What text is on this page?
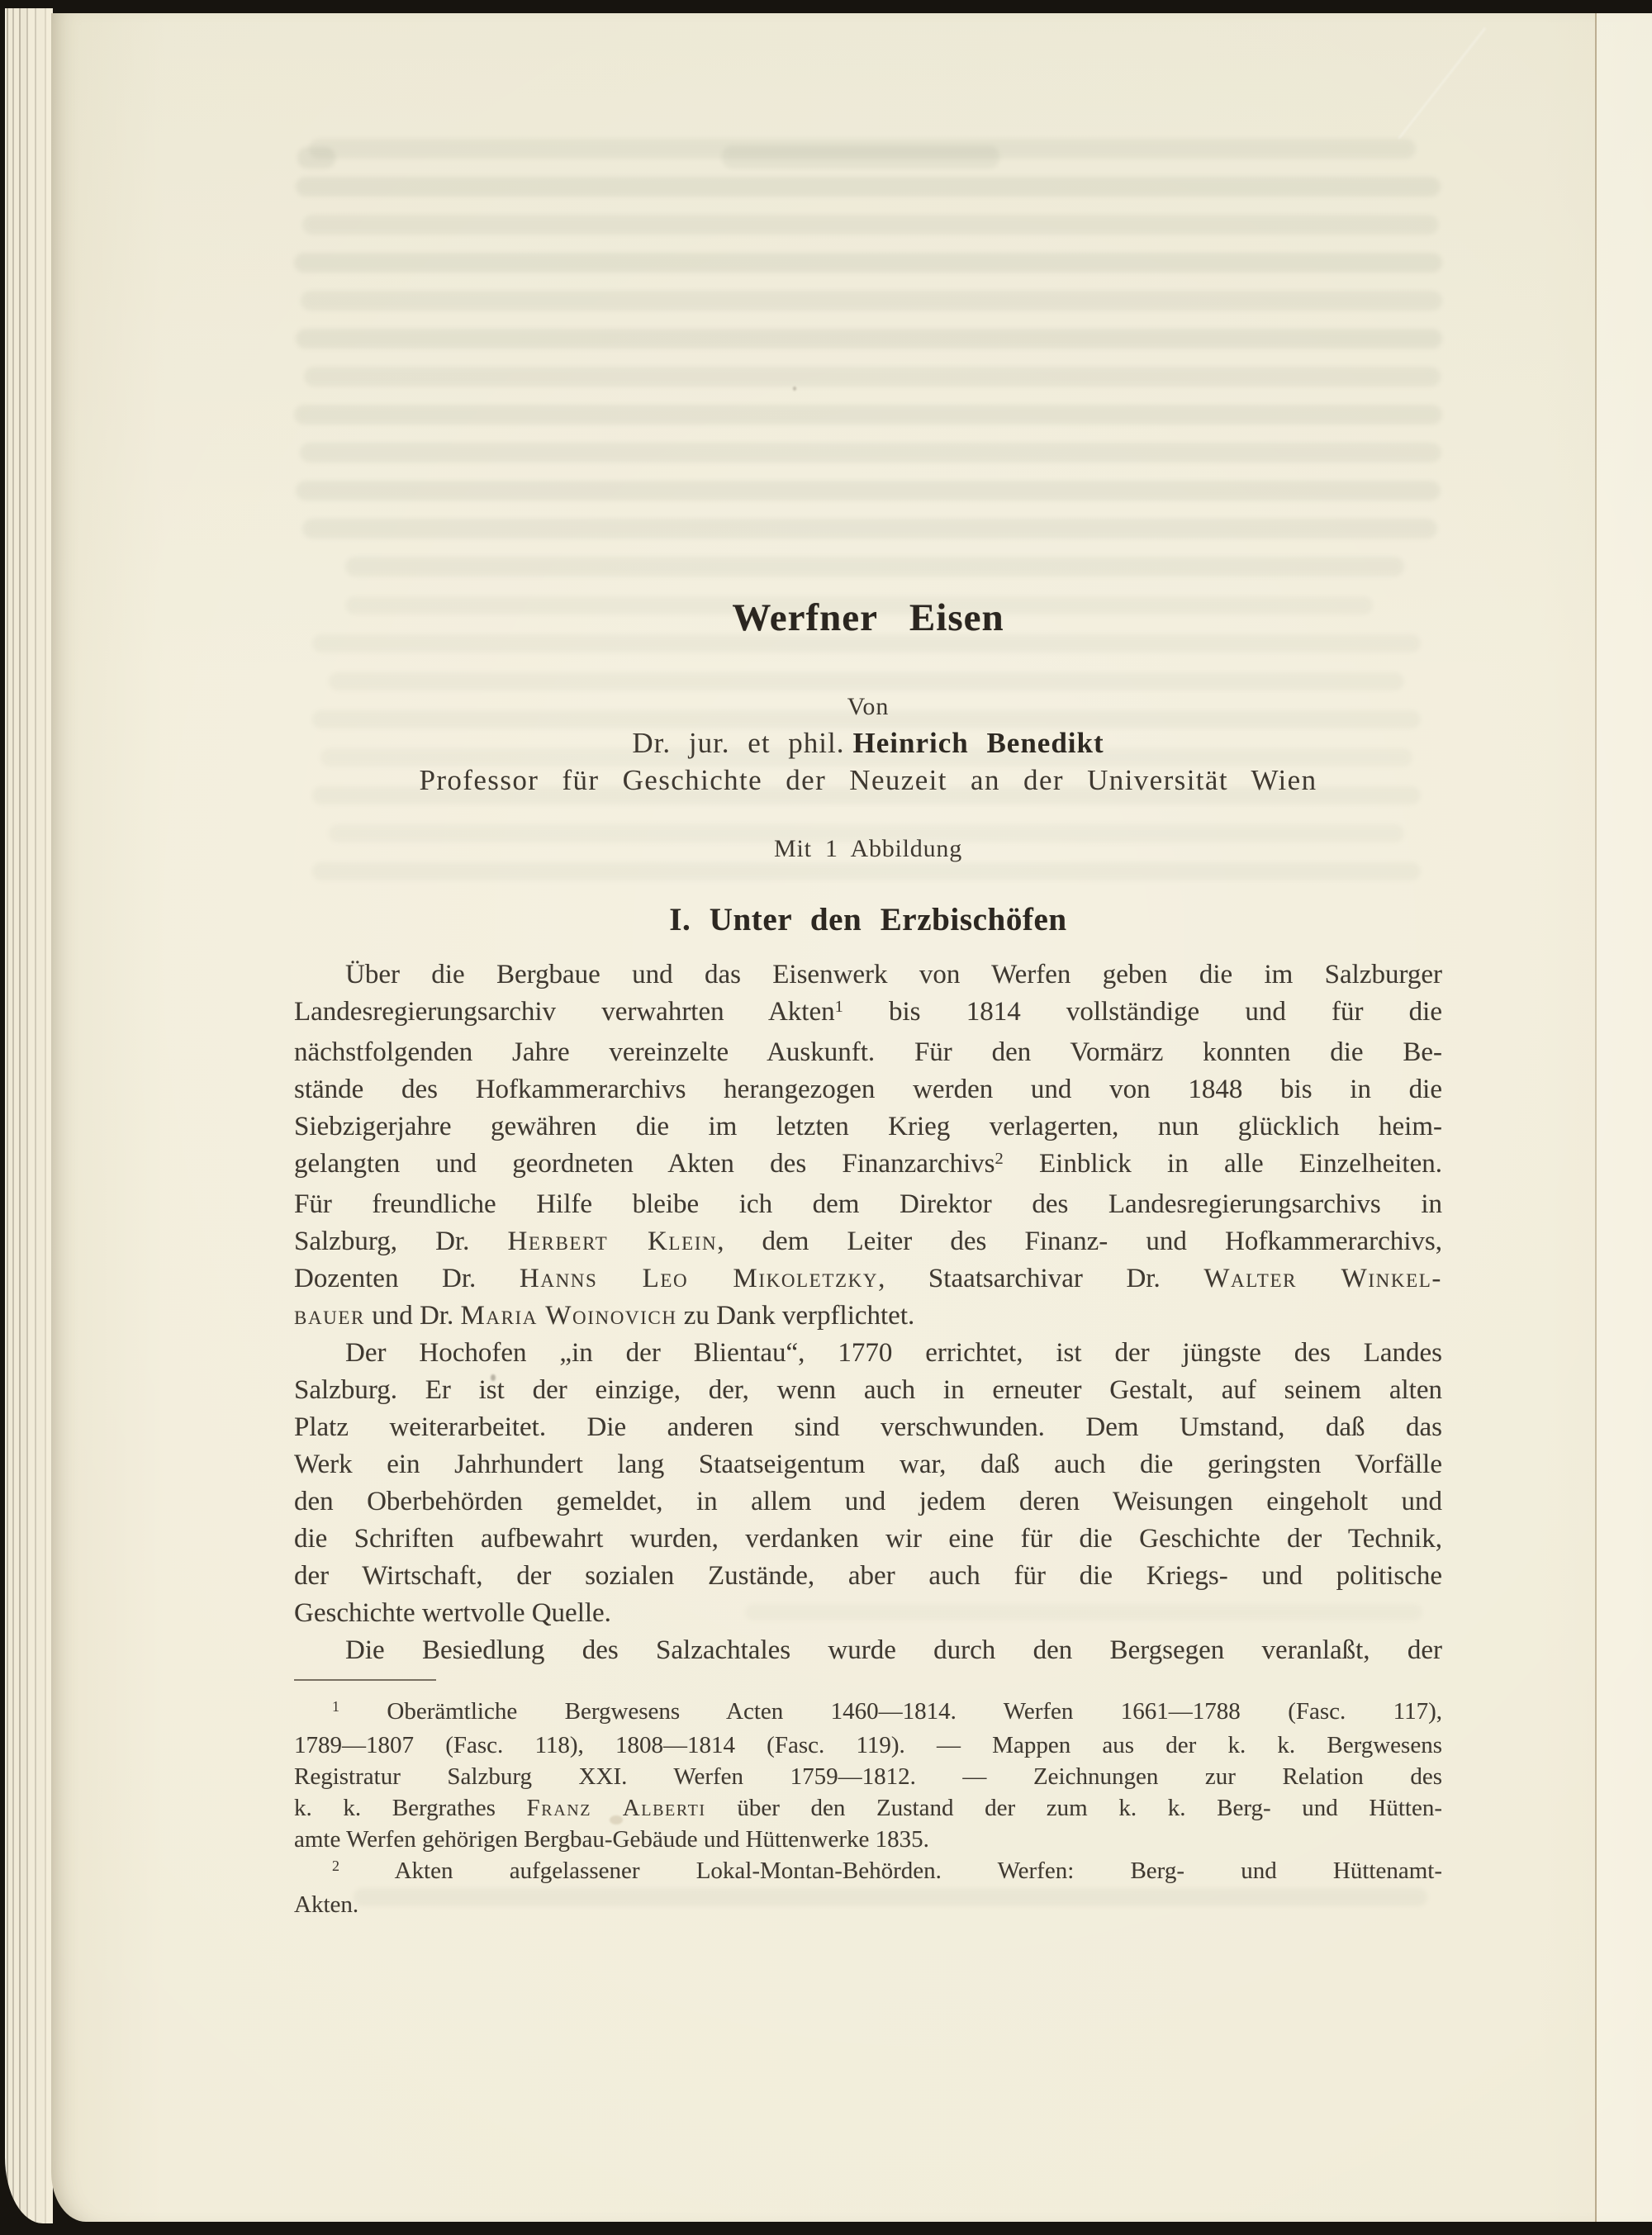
Werfner Eisen
Von
Dr. jur. et phil. Heinrich Benedikt
Professor für Geschichte der Neuzeit an der Universität Wien
Mit 1 Abbildung
I. Unter den Erzbischöfen
Über die Bergbaue und das Eisenwerk von Werfen geben die im Salzburger
Landesregierungsarchiv verwahrten Akten$^1$ bis 1814 vollständige und für die
nächstfolgenden Jahre vereinzelte Auskunft. Für den Vormärz konnten die Be-
stände des Hofkammerarchivs herangezogen werden und von 1848 bis in die
Siebzigerjahre gewähren die im letzten Krieg verlagerten, nun glücklich heim-
gelangten und geordneten Akten des Finanzarchivs$^2$ Einblick in alle Einzelheiten.
Für freundliche Hilfe bleibe ich dem Direktor des Landesregierungsarchivs in
Salzburg, Dr. Herbert Klein, dem Leiter des Finanz- und Hofkammerarchivs,
Dozenten Dr. Hanns Leo Mikoletzky, Staatsarchivar Dr. Walter Winkel-
bauer und Dr. Maria Woinovich zu Dank verpflichtet.
Der Hochofen „in der Blientau“, 1770 errichtet, ist der jüngste des Landes
Salzburg. Er ist der einzige, der, wenn auch in erneuter Gestalt, auf seinem alten
Platz weiterarbeitet. Die anderen sind verschwunden. Dem Umstand, daß das
Werk ein Jahrhundert lang Staatseigentum war, daß auch die geringsten Vorfälle
den Oberbehörden gemeldet, in allem und jedem deren Weisungen eingeholt und
die Schriften aufbewahrt wurden, verdanken wir eine für die Geschichte der Technik,
der Wirtschaft, der sozialen Zustände, aber auch für die Kriegs- und politische
Geschichte wertvolle Quelle.
Die Besiedlung des Salzachtales wurde durch den Bergsegen veranlaßt, der
$^1$ Oberämtliche Bergwesens Acten 1460—1814. Werfen 1661—1788 (Fasc. 117),
1789—1807 (Fasc. 118), 1808—1814 (Fasc. 119). — Mappen aus der k. k. Bergwesens
Registratur Salzburg XXI. Werfen 1759—1812. — Zeichnungen zur Relation des
k. k. Bergrathes Franz Alberti über den Zustand der zum k. k. Berg- und Hütten-
amte Werfen gehörigen Bergbau-Gebäude und Hüttenwerke 1835.
$^2$ Akten aufgelassener Lokal-Montan-Behörden. Werfen: Berg- und Hüttenamt-
Akten.
